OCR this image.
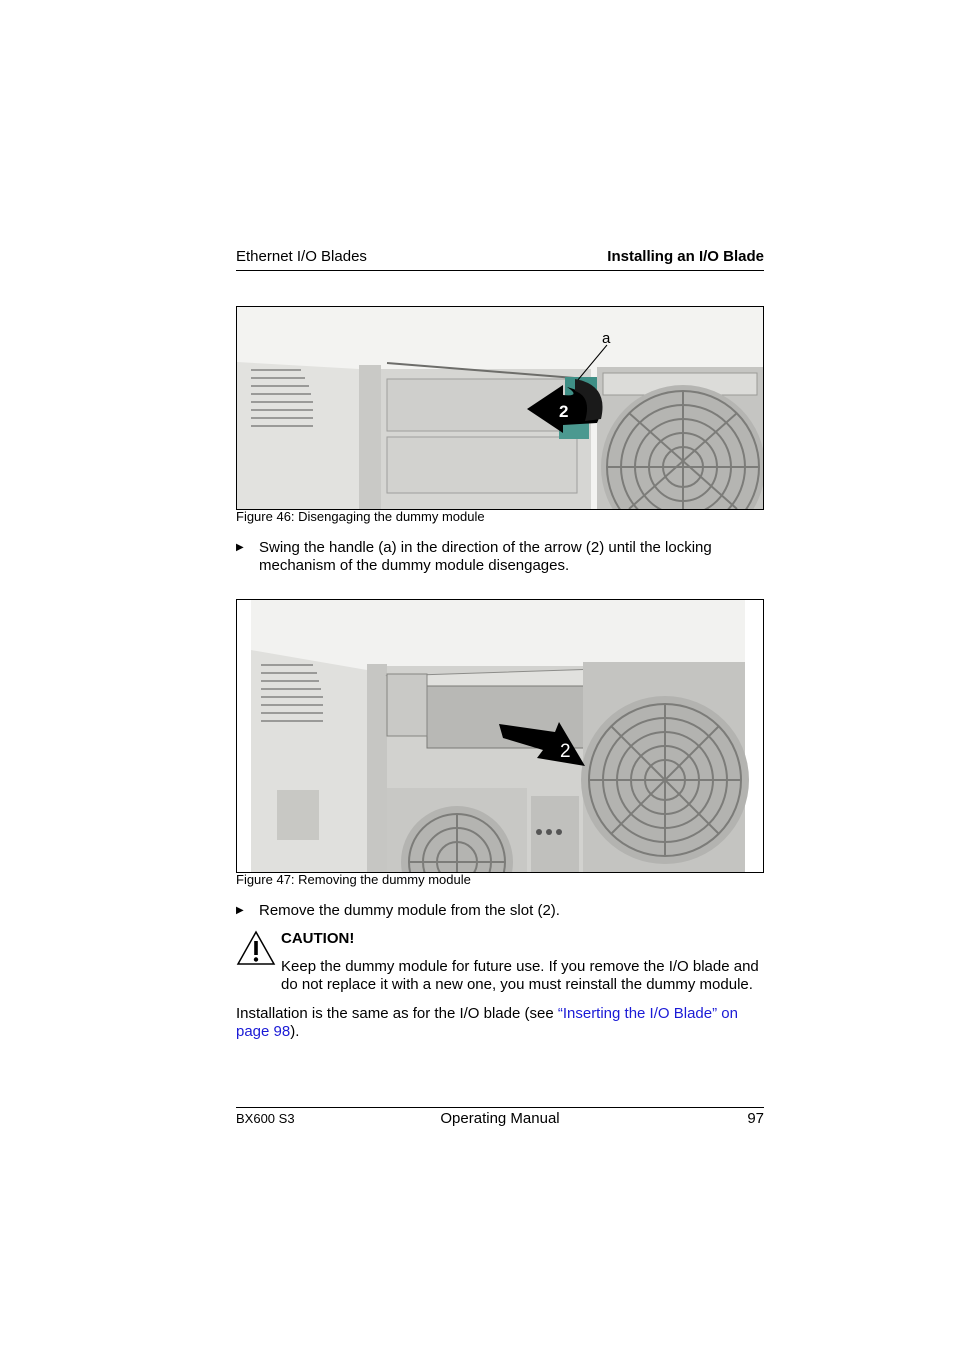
Ethernet I/O Blades	Installing an I/O Blade
a
2
Figure 46: Disengaging the dummy module
▶ Swing the handle (a) in the direction of the arrow (2) until the locking mechanism of the dummy module disengages.
2
Figure 47: Removing the dummy module
▶ Remove the dummy module from the slot (2).
CAUTION!
Keep the dummy module for future use. If you remove the I/O blade and do not replace it with a new one, you must reinstall the dummy module.
Installation is the same as for the I/O blade (see “Inserting the I/O Blade” on page 98).
BX600 S3	Operating Manual	97
